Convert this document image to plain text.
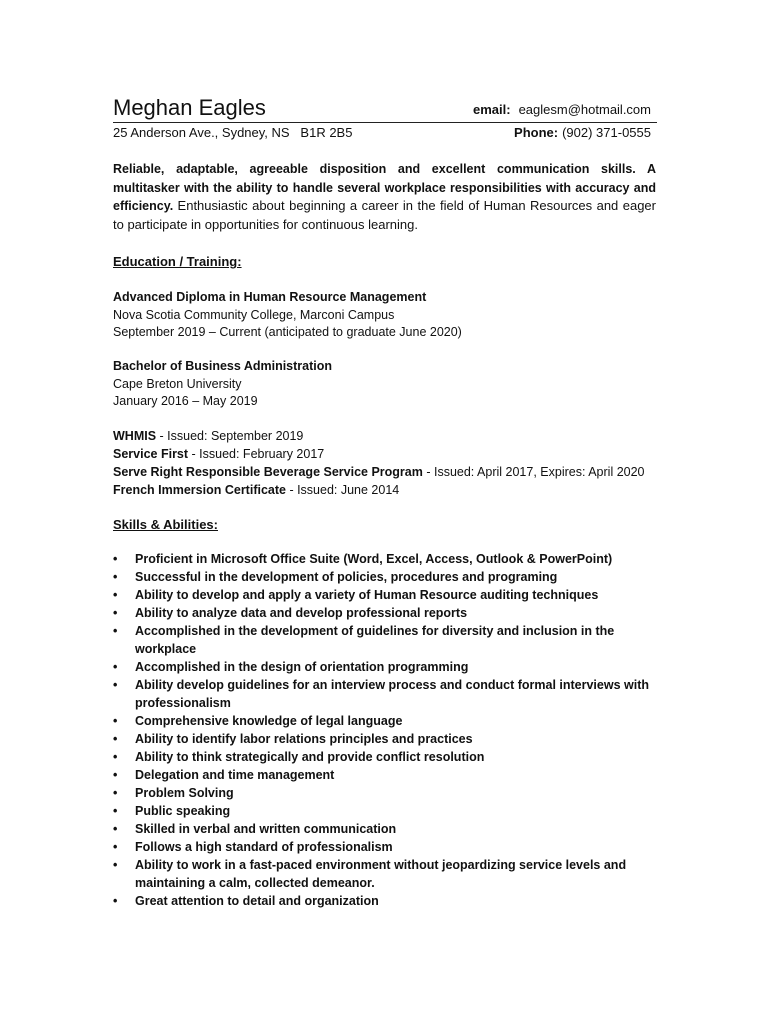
Meghan Eagles	email: eaglesm@hotmail.com
25 Anderson Ave., Sydney, NS   B1R 2B5	Phone: (902) 371-0555
Reliable, adaptable, agreeable disposition and excellent communication skills. A multitasker with the ability to handle several workplace responsibilities with accuracy and efficiency. Enthusiastic about beginning a career in the field of Human Resources and eager to participate in opportunities for continuous learning.
Education / Training:
Advanced Diploma in Human Resource Management
Nova Scotia Community College, Marconi Campus
September 2019 – Current (anticipated to graduate June 2020)
Bachelor of Business Administration
Cape Breton University
January 2016 – May 2019
WHMIS - Issued: September 2019
Service First - Issued: February 2017
Serve Right Responsible Beverage Service Program - Issued: April 2017, Expires: April 2020
French Immersion Certificate - Issued: June 2014
Skills & Abilities:
• Proficient in Microsoft Office Suite (Word, Excel, Access, Outlook & PowerPoint)
• Successful in the development of policies, procedures and programing
• Ability to develop and apply a variety of Human Resource auditing techniques
• Ability to analyze data and develop professional reports
• Accomplished in the development of guidelines for diversity and inclusion in the workplace
• Accomplished in the design of orientation programming
• Ability develop guidelines for an interview process and conduct formal interviews with professionalism
• Comprehensive knowledge of legal language
• Ability to identify labor relations principles and practices
• Ability to think strategically and provide conflict resolution
• Delegation and time management
• Problem Solving
• Public speaking
• Skilled in verbal and written communication
• Follows a high standard of professionalism
• Ability to work in a fast-paced environment without jeopardizing service levels and maintaining a calm, collected demeanor.
• Great attention to detail and organization
